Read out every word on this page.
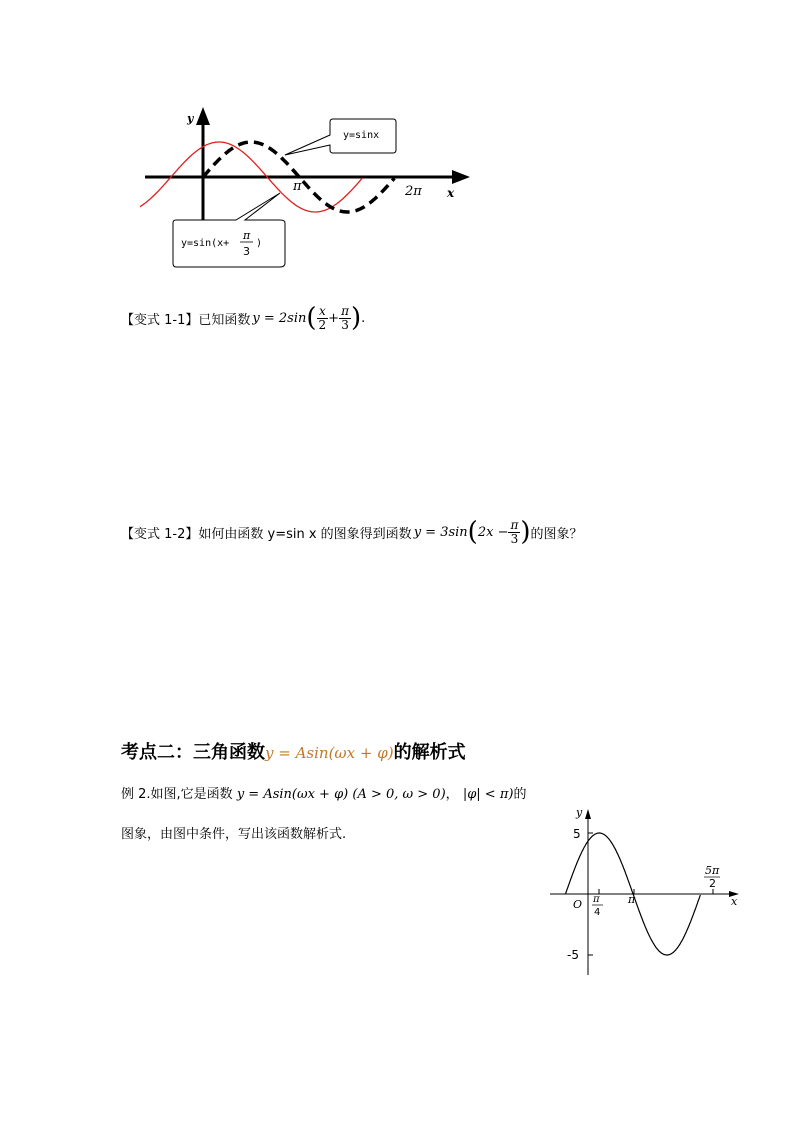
y
x
π	2π
y=sinx
y=sin(x+
π
3
)
【变式 1-1】 已知函数 y = 2sin ( $\frac{x}{2} + \frac{\pi}{3}$ ) .
【变式 1-2】 如何由函数 y=sin x 的图象得到函数 y = 3sin ( $2x - \frac{\pi}{3}$ ) 的图象？
考点二：三角函数y = Asin(ωx + φ)的解析式
例 2.如图,它是函数 y = Asin(ωx + φ) (A > 0, ω > 0)， |φ| < π)的
图象，由图中条件，写出该函数解析式.
y
x
O
5
-5
π
4
π
5π
2
